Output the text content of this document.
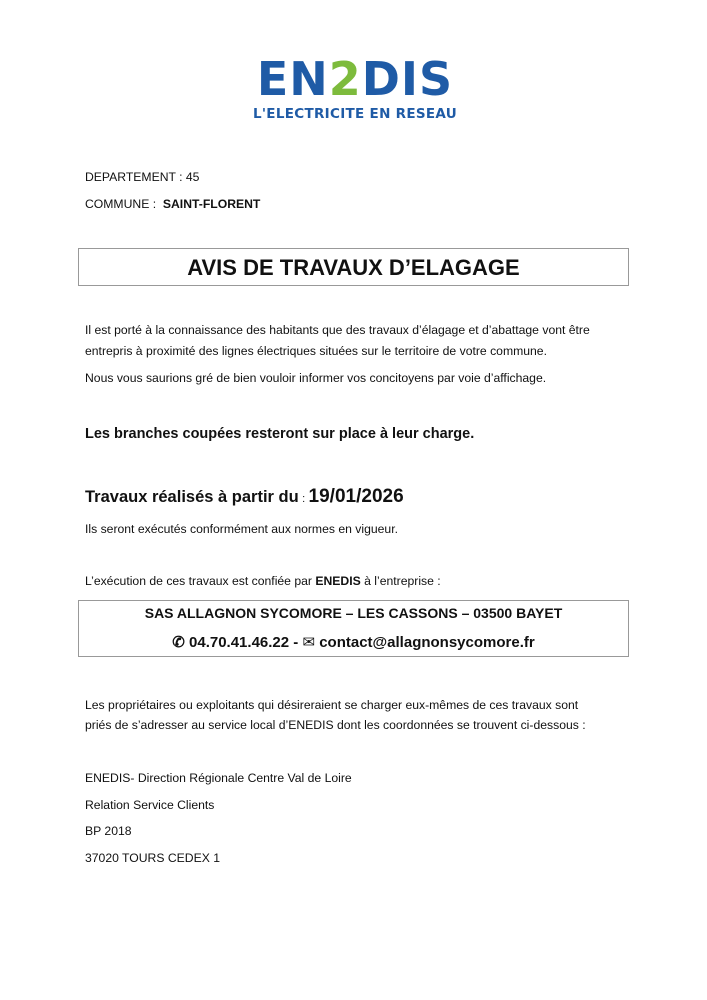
EN2DIS
L'ELECTRICITE EN RESEAU
DEPARTEMENT : 45
COMMUNE : SAINT-FLORENT
AVIS DE TRAVAUX D’ELAGAGE
Il est porté à la connaissance des habitants que des travaux d’élagage et d’abattage vont être
entrepris à proximité des lignes électriques situées sur le territoire de votre commune.
Nous vous saurions gré de bien vouloir informer vos concitoyens par voie d’affichage.
Les branches coupées resteront sur place à leur charge.
Travaux réalisés à partir du : 19/01/2026
Ils seront exécutés conformément aux normes en vigueur.
L’exécution de ces travaux est confiée par ENEDIS à l’entreprise :
SAS ALLAGNON SYCOMORE – LES CASSONS – 03500 BAYET
✆ 04.70.41.46.22 - ✉ contact@allagnonsycomore.fr
Les propriétaires ou exploitants qui désireraient se charger eux-mêmes de ces travaux sont
priés de s’adresser au service local d’ENEDIS dont les coordonnées se trouvent ci-dessous :
ENEDIS- Direction Régionale Centre Val de Loire
Relation Service Clients
BP 2018
37020 TOURS CEDEX 1
